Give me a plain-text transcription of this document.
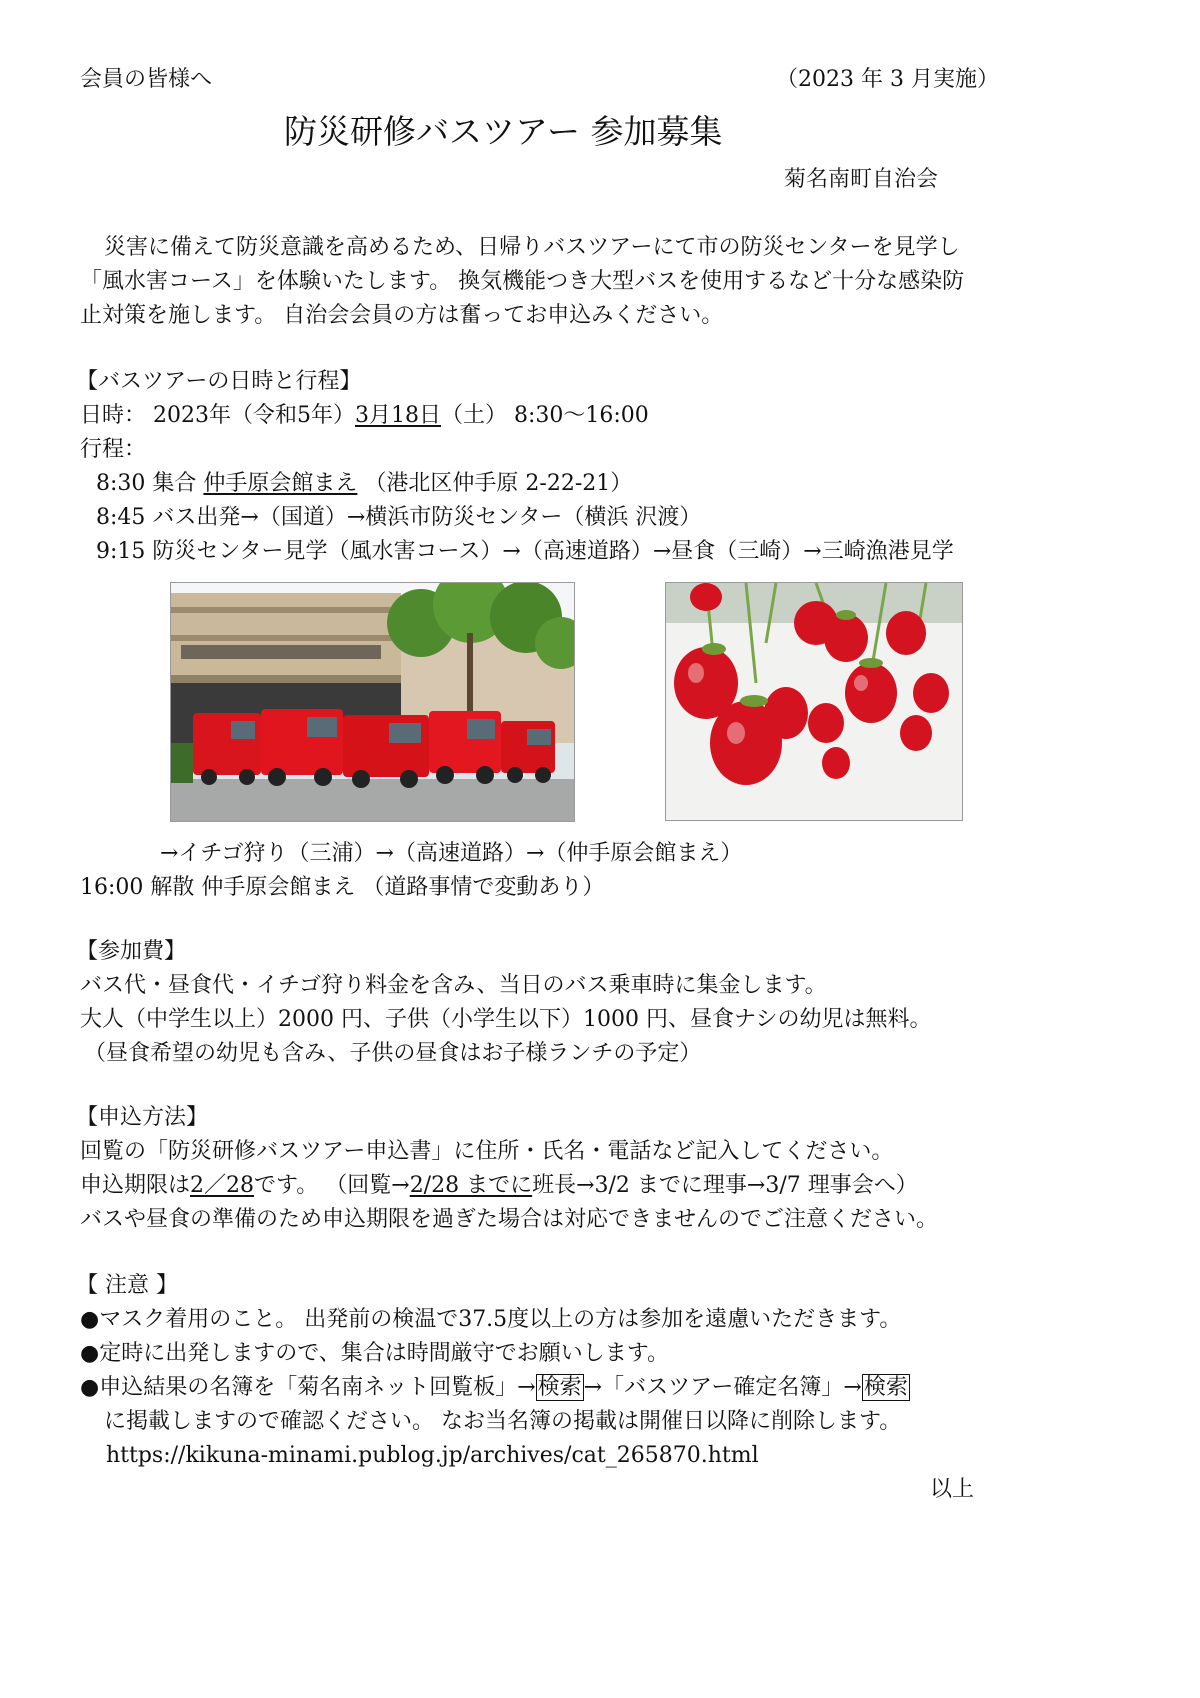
会員の皆様へ	（2023 年 3 月実施）
防災研修バスツアー 参加募集
菊名南町自治会
災害に備えて防災意識を高めるため、日帰りバスツアーにて市の防災センターを見学し
「風水害コース」を体験いたします。 換気機能つき大型バスを使用するなど十分な感染防
止対策を施します。 自治会会員の方は奮ってお申込みください。
【バスツアーの日時と行程】
日時： 2023年（令和5年）3月18日（土） 8:30～16:00
行程：
8:30 集合 仲手原会館まえ （港北区仲手原 2-22-21）
8:45 バス出発→（国道）→横浜市防災センター（横浜 沢渡）
9:15 防災センター見学（風水害コース）→（高速道路）→昼食（三崎）→三崎漁港見学
→イチゴ狩り（三浦）→（高速道路）→（仲手原会館まえ）
16:00 解散 仲手原会館まえ （道路事情で変動あり）
【参加費】
バス代・昼食代・イチゴ狩り料金を含み、当日のバス乗車時に集金します。
大人（中学生以上）2000 円、子供（小学生以下）1000 円、昼食ナシの幼児は無料。
（昼食希望の幼児も含み、子供の昼食はお子様ランチの予定）
【申込方法】
回覧の「防災研修バスツアー申込書」に住所・氏名・電話など記入してください。
申込期限は2／28です。 （回覧→2/28 までに班長→3/2 までに理事→3/7 理事会へ）
バスや昼食の準備のため申込期限を過ぎた場合は対応できませんのでご注意ください。
【 注意 】
●マスク着用のこと。 出発前の検温で37.5度以上の方は参加を遠慮いただきます。
●定時に出発しますので、集合は時間厳守でお願いします。
●申込結果の名簿を「菊名南ネット回覧板」→検索→「バスツアー確定名簿」→検索
に掲載しますので確認ください。 なお当名簿の掲載は開催日以降に削除します。
https://kikuna-minami.publog.jp/archives/cat_265870.html
以上
